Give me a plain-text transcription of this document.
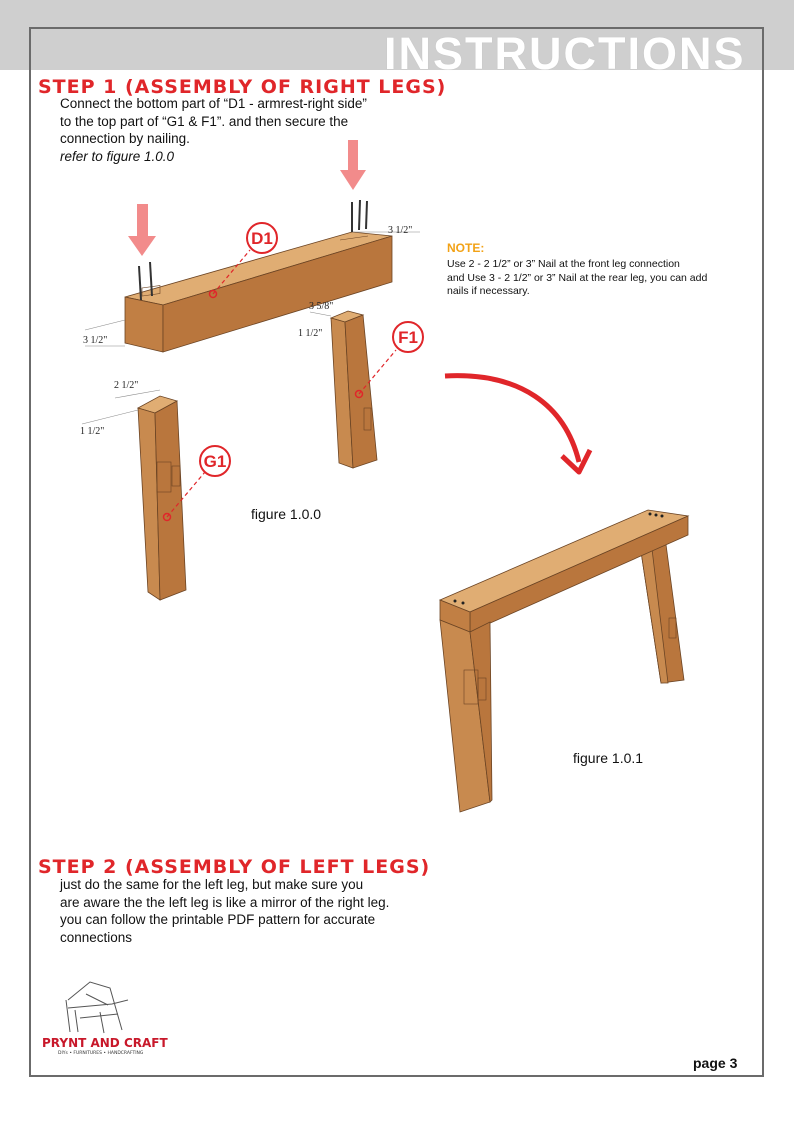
INSTRUCTIONS
STEP 1 (ASSEMBLY OF RIGHT LEGS)
Connect the bottom part of “D1 - armrest-right side”
to the top part of “G1 & F1”. and then secure the
connection by nailing.
refer to figure 1.0.0
NOTE:
Use 2 - 2 1/2” or 3” Nail at the front leg connection
and Use 3 - 2 1/2” or 3” Nail at the rear leg, you can add
nails if necessary.
3 1/2"
3 1/2"
D1
3 5/8"
1 1/2"	F1
2 1/2"
1 1/2"
G1
figure 1.0.0
figure 1.0.1
STEP 2 (ASSEMBLY OF LEFT LEGS)
just do the same for the left leg, but make sure you
are aware the the left leg is like a mirror of the right leg.
you can follow the printable PDF pattern for accurate
connections
PRYNT AND CRAFT
DIYs • FURNITURES • HANDCRAFTING
page 3
